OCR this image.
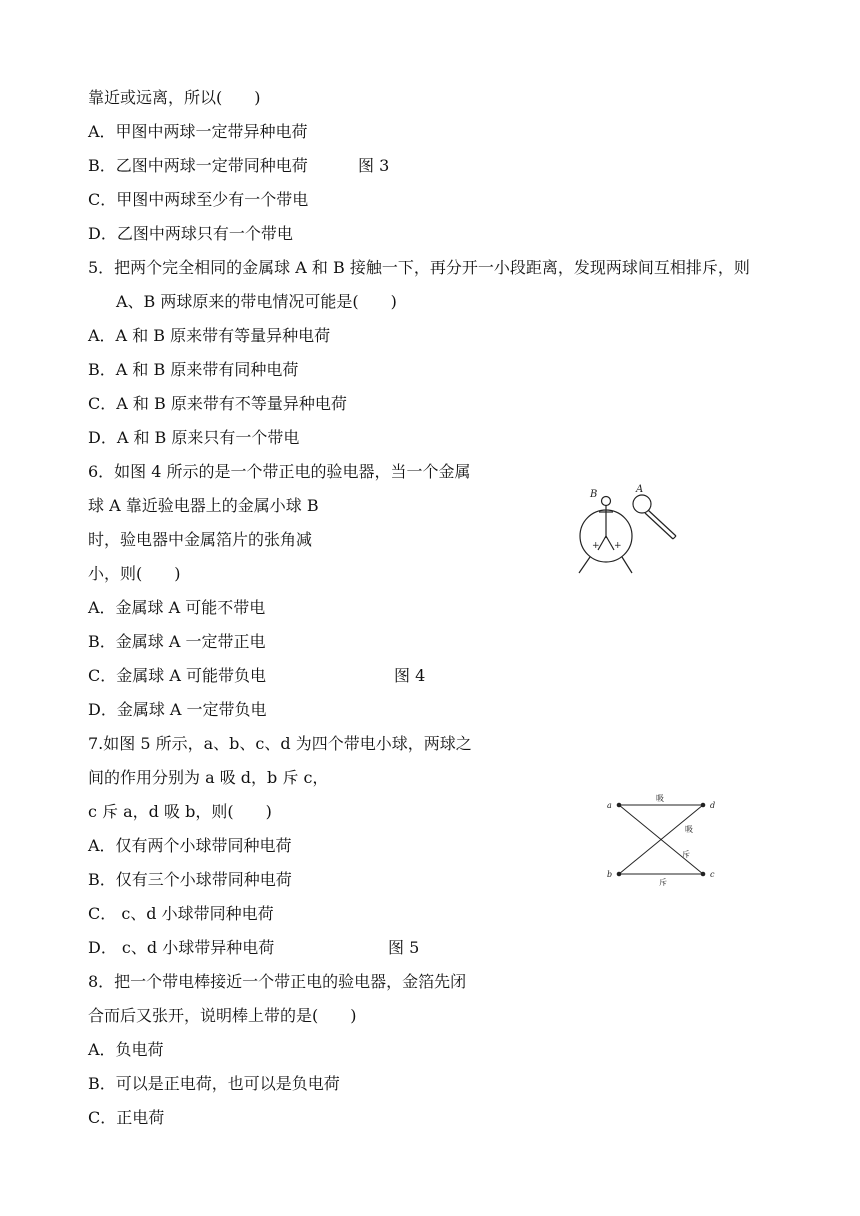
靠近或远离，所以(　　)
A．甲图中两球一定带异种电荷
B．乙图中两球一定带同种电荷	图 3
C．甲图中两球至少有一个带电
D．乙图中两球只有一个带电
5．把两个完全相同的金属球 A 和 B 接触一下，再分开一小段距离，发现两球间互相排斥，则
A、B 两球原来的带电情况可能是(　　)
A．A 和 B 原来带有等量异种电荷
B．A 和 B 原来带有同种电荷
C．A 和 B 原来带有不等量异种电荷
D．A 和 B 原来只有一个带电
6．如图 4 所示的是一个带正电的验电器，当一个金属
球 A 靠近验电器上的金属小球 B
时，验电器中金属箔片的张角减
小，则(　　)
A．金属球 A 可能不带电
B．金属球 A 一定带正电
C．金属球 A 可能带负电	图 4
D．金属球 A 一定带负电
B	A
+ +
7.如图 5 所示，a、b、c、d 为四个带电小球，两球之
间的作用分别为 a 吸 d，b 斥 c，
c 斥 a，d 吸 b，则(　　)
A．仅有两个小球带同种电荷
B．仅有三个小球带同种电荷
C． c、d 小球带同种电荷
D． c、d 小球带异种电荷	图 5
a	d
b	c
吸
吸
斥
斥
8．把一个带电棒接近一个带正电的验电器，金箔先闭
合而后又张开，说明棒上带的是(　　)
A．负电荷
B．可以是正电荷，也可以是负电荷
C．正电荷
